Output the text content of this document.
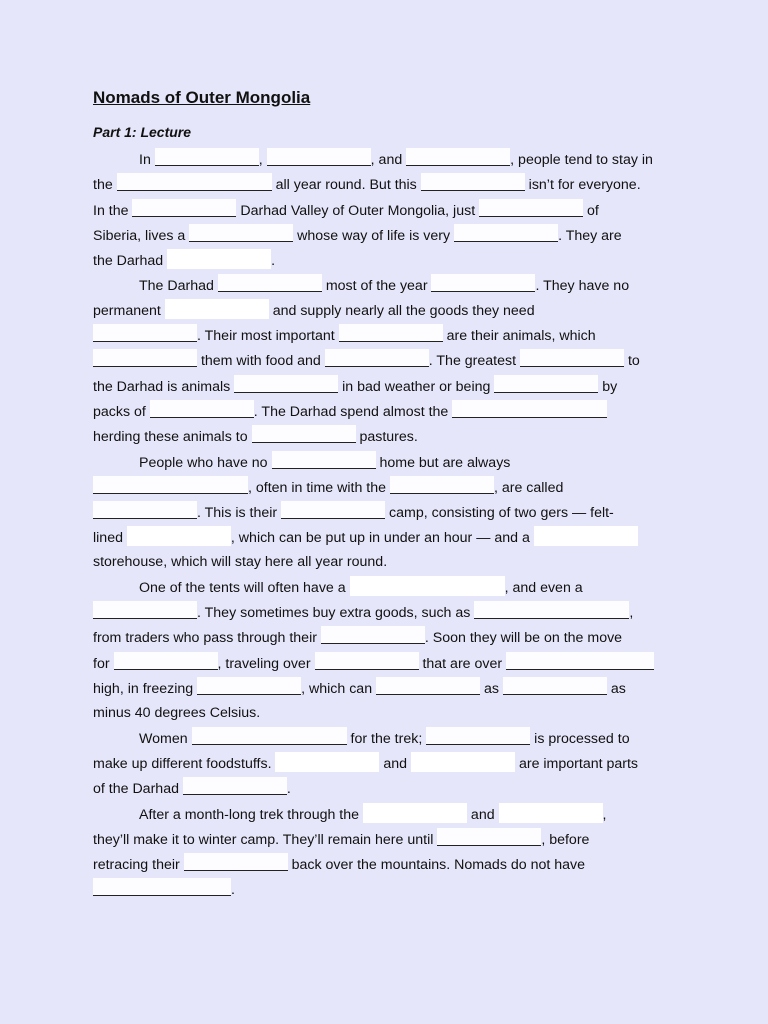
Nomads of Outer Mongolia
Part 1: Lecture
In	,	, and	, people tend to stay in
the	all year round. But this	isn’t for everyone.
In the	Darhad Valley of Outer Mongolia, just	of
Siberia, lives a	whose way of life is very	. They are
the Darhad	.
The Darhad	most of the year	. They have no
permanent	and supply nearly all the goods they need
. Their most important	are their animals, which
them with food and	. The greatest	to
the Darhad is animals	in bad weather or being	by
packs of	. The Darhad spend almost the
herding these animals to	pastures.
People who have no	home but are always
, often in time with the	, are called
. This is their	camp, consisting of two gers — felt-
lined	, which can be put up in under an hour — and a
storehouse, which will stay here all year round.
One of the tents will often have a	, and even a
. They sometimes buy extra goods, such as	,
from traders who pass through their	. Soon they will be on the move
for	, traveling over	that are over
high, in freezing	, which can	as	as
minus 40 degrees Celsius.
Women	for the trek;	is processed to
make up different foodstuffs.	and	are important parts
of the Darhad	.
After a month-long trek through the	and	,
they’ll make it to winter camp. They’ll remain here until	, before
retracing their	back over the mountains. Nomads do not have
.
